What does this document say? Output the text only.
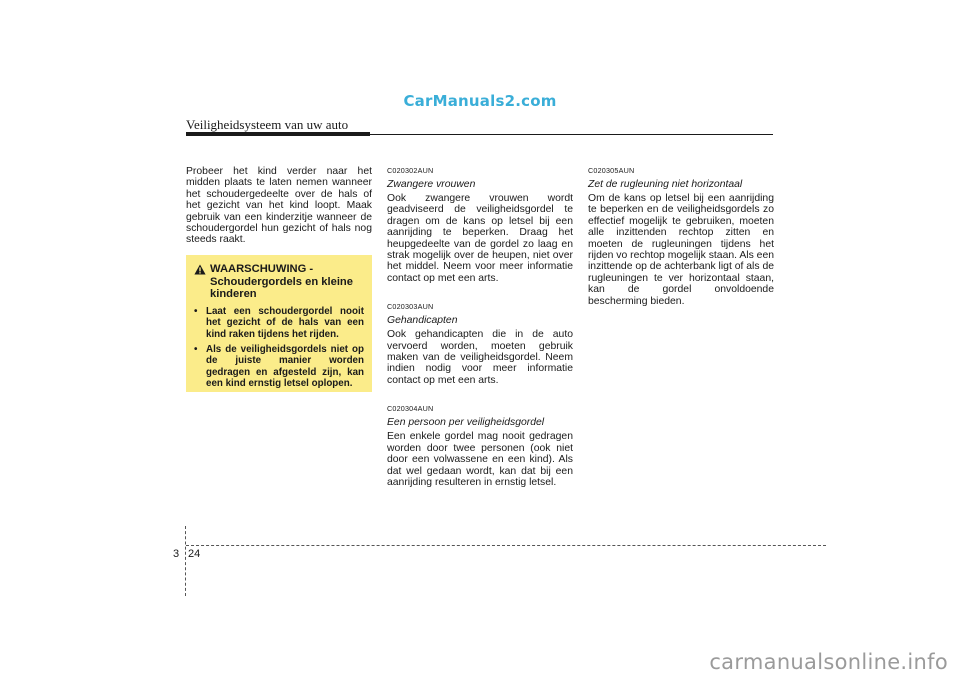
CarManuals2.com
Veiligheidsysteem van uw auto

Probeer het kind verder naar het midden plaats te laten nemen wanneer het schoudergedeelte over de hals of het gezicht van het kind loopt. Maak gebruik van een kinderzitje wanneer de schoudergordel hun gezicht of hals nog steeds raakt.

WAARSCHUWING - Schoudergordels en kleine kinderen
• Laat een schoudergordel nooit het gezicht of de hals van een kind raken tijdens het rijden.
• Als de veiligheidsgordels niet op de juiste manier worden gedragen en afgesteld zijn, kan een kind ernstig letsel oplopen.

C020302AUN

Zwangere vrouwen

Ook zwangere vrouwen wordt geadviseerd de veiligheidsgordel te dragen om de kans op letsel bij een aanrijding te beperken. Draag het heupgedeelte van de gordel zo laag en strak mogelijk over de heupen, niet over het middel. Neem voor meer informatie contact op met een arts.

C020303AUN

Gehandicapten

Ook gehandicapten die in de auto vervoerd worden, moeten gebruik maken van de veiligheidsgordel. Neem indien nodig voor meer informatie contact op met een arts.

C020304AUN

Een persoon per veiligheidsgordel

Een enkele gordel mag nooit gedragen worden door twee personen (ook niet door een volwassene en een kind). Als dat wel gedaan wordt, kan dat bij een aanrijding resulteren in ernstig letsel.

C020305AUN

Zet de rugleuning niet horizontaal

Om de kans op letsel bij een aanrijding te beperken en de veiligheidsgordels zo effectief mogelijk te gebruiken, moeten alle inzittenden rechtop zitten en moeten de rugleuningen tijdens het rijden vo rechtop mogelijk staan. Als een inzittende op de achterbank ligt of als de rugleuningen te ver horizontaal staan, kan de gordel onvoldoende bescherming bieden.

3 24
carmanualsonline.info
